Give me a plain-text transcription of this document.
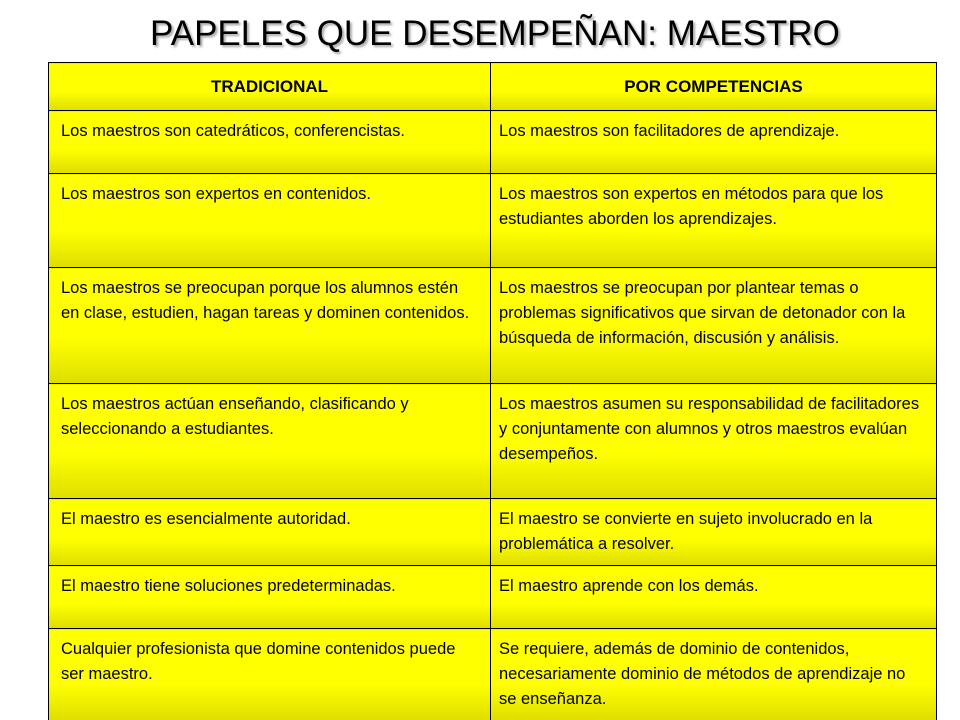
PAPELES QUE DESEMPEÑAN: MAESTRO
TRADICIONAL	POR COMPETENCIAS
Los maestros son catedráticos, conferencistas.	Los maestros son facilitadores de aprendizaje.
Los maestros son expertos en contenidos.	Los maestros son expertos en métodos para que los estudiantes aborden los aprendizajes.
Los maestros se preocupan porque los alumnos estén en clase, estudien, hagan tareas y dominen contenidos.	Los maestros se preocupan por plantear temas o problemas significativos que sirvan de detonador con la búsqueda de información, discusión y análisis.
Los maestros actúan enseñando, clasificando y seleccionando a estudiantes.	Los maestros asumen su responsabilidad de facilitadores y conjuntamente con alumnos y otros maestros evalúan desempeños.
El maestro es esencialmente autoridad.	El maestro se convierte en sujeto involucrado en la problemática a resolver.
El maestro tiene soluciones predeterminadas.	El maestro aprende con los demás.
Cualquier profesionista que domine contenidos puede ser maestro.	Se requiere, además de dominio de contenidos, necesariamente dominio de métodos de aprendizaje no se enseñanza.
